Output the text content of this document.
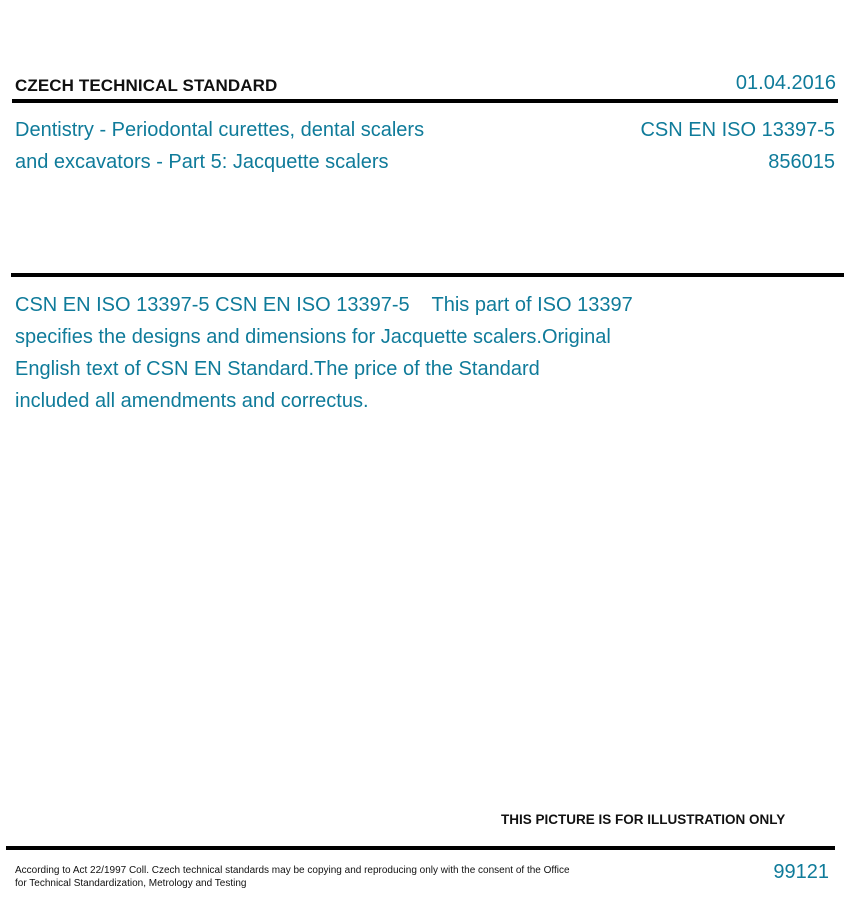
CZECH TECHNICAL STANDARD	01.04.2016
Dentistry - Periodontal curettes, dental scalers
and excavators - Part 5: Jacquette scalers
CSN EN ISO 13397-5
856015
CSN EN ISO 13397-5 CSN EN ISO 13397-5    This part of ISO 13397
specifies the designs and dimensions for Jacquette scalers.Original
English text of CSN EN Standard.The price of the Standard
included all amendments and correctus.
THIS PICTURE IS FOR ILLUSTRATION ONLY
According to Act 22/1997 Coll. Czech technical standards may be copying and reproducing only with the consent of the Office
for Technical Standardization, Metrology and Testing
99121
